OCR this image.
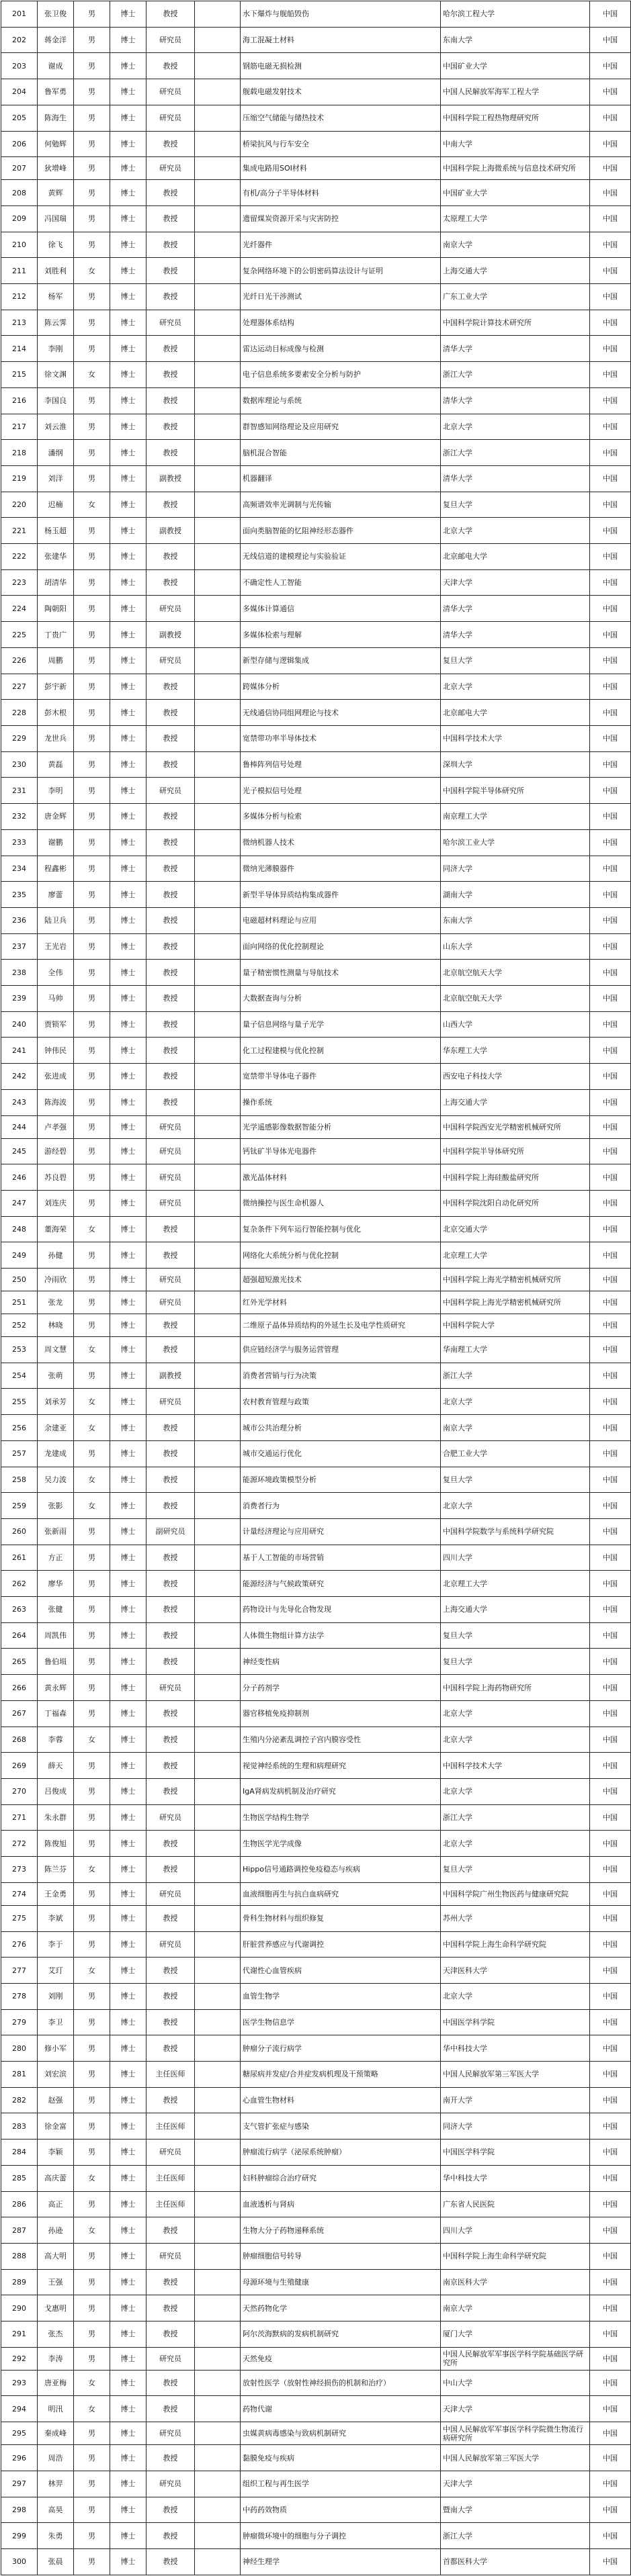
201	张卫俊	男	博士	教授		水下爆炸与舰船毁伤	哈尔滨工程大学	中国
202	蒋金洋	男	博士	研究员		海工混凝土材料	东南大学	中国
203	谢成	男	博士	教授		钢筋电磁无损检测	中国矿业大学	中国
204	鲁军勇	男	博士	研究员		舰载电磁发射技术	中国人民解放军海军工程大学	中国
205	陈海生	男	博士	研究员		压缩空气储能与储热技术	中国科学院工程热物理研究所	中国
206	何勉辉	男	博士	教授		桥梁抗风与行车安全	中南大学	中国
207	狄增峰	男	博士	研究员		集成电路用SOI材料	中国科学院上海微系统与信息技术研究所	中国
208	黄辉	男	博士	教授		有机/高分子半导体材料	中国矿业大学	中国
209	冯国瑞	男	博士	教授		遗留煤炭资源开采与灾害防控	太原理工大学	中国
210	徐飞	男	博士	教授		光纤器件	南京大学	中国
211	刘胜利	女	博士	教授		复杂网络环境下的公钥密码算法设计与证明	上海交通大学	中国
212	杨军	男	博士	教授		光纤日光干涉测试	广东工业大学	中国
213	陈云霁	男	博士	研究员		处理器体系结构	中国科学院计算技术研究所	中国
214	李刚	男	博士	教授		雷达运动目标成像与检测	清华大学	中国
215	徐文渊	女	博士	教授		电子信息系统多要素安全分析与防护	浙江大学	中国
216	李国良	男	博士	教授		数据库理论与系统	清华大学	中国
217	刘云淮	男	博士	教授		群智感知网络理论及应用研究	北京大学	中国
218	潘纲	男	博士	教授		脑机混合智能	浙江大学	中国
219	刘洋	男	博士	副教授		机器翻译	清华大学	中国
220	迟楠	女	博士	教授		高频谱效率光调制与光传输	复旦大学	中国
221	杨玉超	男	博士	副教授		面向类脑智能的忆阻神经形态器件	北京大学	中国
222	张建华	男	博士	教授		无线信道的建模理论与实验验证	北京邮电大学	中国
223	胡清华	男	博士	教授		不确定性人工智能	天津大学	中国
224	陶朝阳	男	博士	研究员		多媒体计算通信	清华大学	中国
225	丁贵广	男	博士	副教授		多媒体检索与理解	清华大学	中国
226	周鹏	男	博士	研究员		新型存储与逻辑集成	复旦大学	中国
227	彭宇新	男	博士	教授		跨媒体分析	北京大学	中国
228	彭木根	男	博士	教授		无线通信协同组网理论与技术	北京邮电大学	中国
229	龙世兵	男	博士	教授		宽禁带功率半导体技术	中国科学技术大学	中国
230	黄磊	男	博士	教授		鲁棒阵列信号处理	深圳大学	中国
231	李明	男	博士	研究员		光子模拟信号处理	中国科学院半导体研究所	中国
232	唐金辉	男	博士	教授		多媒体分析与检索	南京理工大学	中国
233	谢鹏	男	博士	教授		微纳机器人技术	哈尔滨工业大学	中国
234	程鑫彬	男	博士	教授		微纳光薄膜器件	同济大学	中国
235	廖蕾	男	博士	教授		新型半导体异质结构集成器件	湖南大学	中国
236	陆卫兵	男	博士	教授		电磁超材料理论与应用	东南大学	中国
237	王光岩	男	博士	教授		面向网络的优化控制理论	山东大学	中国
238	全伟	男	博士	教授		量子精密惯性测量与导航技术	北京航空航天大学	中国
239	马帅	男	博士	教授		大数据查询与分析	北京航空航天大学	中国
240	贾锁军	男	博士	教授		量子信息网络与量子光学	山西大学	中国
241	钟伟民	男	博士	教授		化工过程建模与优化控制	华东理工大学	中国
242	张进成	男	博士	教授		宽禁带半导体电子器件	西安电子科技大学	中国
243	陈海波	男	博士	教授		操作系统	上海交通大学	中国
244	卢孝强	男	博士	研究员		光学遥感影像数据智能分析	中国科学院西安光学精密机械研究所	中国
245	游经碧	男	博士	研究员		钙钛矿半导体光电器件	中国科学院半导体研究所	中国
246	苏良碧	男	博士	研究员		激光晶体材料	中国科学院上海硅酸盐研究所	中国
247	刘连庆	男	博士	研究员		微纳操控与医生命机器人	中国科学院沈阳自动化研究所	中国
248	董海荣	女	博士	教授		复杂条件下列车运行智能控制与优化	北京交通大学	中国
249	孙健	男	博士	教授		网络化大系统分析与优化控制	北京理工大学	中国
250	冷雨欣	男	博士	研究员		超强超短激光技术	中国科学院上海光学精密机械研究所	中国
251	张龙	男	博士	研究员		红外光学材料	中国科学院上海光学精密机械研究所	中国
252	林晓	男	博士	教授		二维原子晶体异质结构的外延生长及电学性质研究	中国科学院大学	中国
253	周文慧	女	博士	教授		供应链经济学与服务运营管理	华南理工大学	中国
254	张萌	男	博士	副教授		消费者营销与行为决策	浙江大学	中国
255	刘承芳	女	博士	研究员		农村教育管理与政策	北京大学	中国
256	余建亚	女	博士	教授		城市公共治理分析	南京大学	中国
257	龙建成	男	博士	教授		城市交通运行优化	合肥工业大学	中国
258	吴力波	女	博士	教授		能源环境政策模型分析	复旦大学	中国
259	张影	女	博士	教授		消费者行为	北京大学	中国
260	张新雨	男	博士	副研究员		计量经济理论与应用研究	中国科学院数学与系统科学研究院	中国
261	方正	男	博士	教授		基于人工智能的市场营销	四川大学	中国
262	廖华	男	博士	教授		能源经济与气候政策研究	北京理工大学	中国
263	张健	男	博士	教授		药物设计与先导化合物发现	上海交通大学	中国
264	周凯伟	男	博士	教授		人体微生物组计算方法学	复旦大学	中国
265	鲁伯埙	男	博士	教授		神经变性病	复旦大学	中国
266	黄永辉	男	博士	研究员		分子药剂学	中国科学院上海药物研究所	中国
267	丁福森	男	博士	教授		器官移植免疫抑制剂	北京大学	中国
268	李蓉	女	博士	教授		生殖内分泌紊乱调控子宫内膜容受性	北京大学	中国
269	薛天	男	博士	教授		视觉神经系统的生理和病理研究	中国科学技术大学	中国
270	吕俊成	男	博士	教授		IgA肾病发病机制及治疗研究	北京大学	中国
271	朱永群	男	博士	研究员		生物医学结构生物学	浙江大学	中国
272	陈俊旭	男	博士	教授		生物医学光学成像	北京大学	中国
273	陈兰芬	女	博士	教授		Hippo信号通路调控免疫稳态与疾病	复旦大学	中国
274	王金勇	男	博士	研究员		血液细胞再生与抗白血病研究	中国科学院广州生物医药与健康研究院	中国
275	李斌	男	博士	教授		骨科生物材料与组织修复	苏州大学	中国
276	李于	男	博士	研究员		肝脏营养感应与代谢调控	中国科学院上海生命科学研究院	中国
277	艾玎	女	博士	教授		代谢性心血管疾病	天津医科大学	中国
278	刘刚	男	博士	教授		血管生物学	北京大学	中国
279	李卫	男	博士	教授		医学生物信息学	中国医学科学院	中国
280	修小军	男	博士	教授		肿瘤分子流行病学	华中科技大学	中国
281	刘宏滨	男	博士	主任医师		糖尿病并发症/合并症发病机理及干预策略	中国人民解放军第三军医大学	中国
282	赵强	男	博士	教授		心血管生物材料	南开大学	中国
283	徐金富	男	博士	主任医师		支气管扩张症与感染	同济大学	中国
284	李颖	男	博士	研究员		肿瘤流行病学（泌尿系统肿瘤）	中国医学科学院	中国
285	高庆蕾	女	博士	主任医师		妇科肿瘤综合治疗研究	华中科技大学	中国
286	高正	男	博士	主任医师		血液透析与肾病	广东省人民医院	中国
287	孙逊	女	博士	教授		生物大分子药物递释系统	四川大学	中国
288	高大明	男	博士	研究员		肿瘤细胞信号转导	中国科学院上海生命科学研究院	中国
289	王强	男	博士	教授		母源环境与生殖健康	南京医科大学	中国
290	戈惠明	男	博士	教授		天然药物化学	南京大学	中国
291	张杰	男	博士	教授		阿尔茨海默病的发病机制研究	厦门大学	中国
292	李涛	男	博士	研究员		天然免疫	中国人民解放军军事医学科学院基础医学研究所	中国
293	唐亚梅	女	博士	教授		放射性医学（放射性神经损伤的机制和治疗）	中山大学	中国
294	明汛	女	博士	教授		药物代谢	天津大学	中国
295	秦成峰	男	博士	研究员		虫媒黄病毒感染与致病机制研究	中国人民解放军军事医学科学院微生物流行病研究所	中国
296	周浩	男	博士	教授		黏膜免疫与疾病	中国人民解放军第三军医大学	中国
297	林羿	男	博士	研究员		组织工程与再生医学	天津大学	中国
298	高昊	男	博士	教授		中药药效物质	暨南大学	中国
299	朱勇	男	博士	教授		肿瘤微环境中的细胞与分子调控	浙江大学	中国
300	张晨	男	博士	教授		神经生理学	首都医科大学	中国
